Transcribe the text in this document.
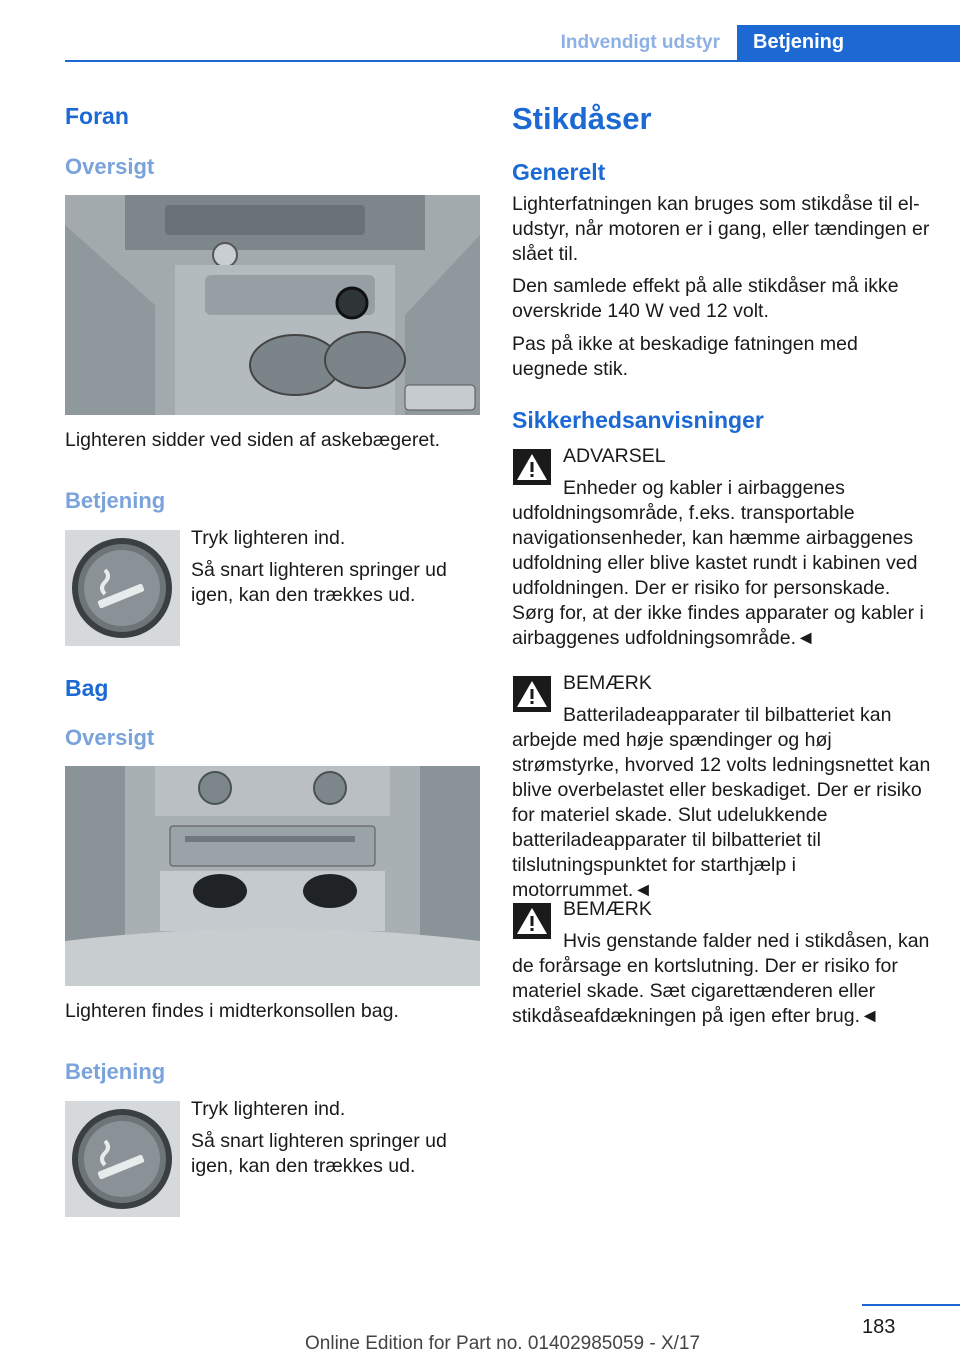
Indvendigt udstyr	Betjening
Foran
Oversigt

Lighteren sidder ved siden af askebægeret.

Betjening

Tryk lighteren ind.

Så snart lighteren springer ud igen, kan den trækkes ud.

Bag
Oversigt

Lighteren findes i midterkonsollen bag.

Betjening

Tryk lighteren ind.

Så snart lighteren springer ud igen, kan den trækkes ud.

Stikdåser
Generelt

Lighterfatningen kan bruges som stikdåse til el-udstyr, når motoren er i gang, eller tændingen er slået til.

Den samlede effekt på alle stikdåser må ikke overskride 140 W ved 12 volt.

Pas på ikke at beskadige fatningen med uegnede stik.

Sikkerhedsanvisninger

ADVARSEL

Enheder og kabler i airbaggenes udfoldningsområde, f.eks. transportable navigationsenheder, kan hæmme airbaggenes udfoldning eller blive kastet rundt i kabinen ved udfoldningen. Der er risiko for personskade. Sørg for, at der ikke findes apparater og kabler i airbaggenes udfoldningsområde.◄

BEMÆRK

Batteriladeapparater til bilbatteriet kan arbejde med høje spændinger og høj strømstyrke, hvorved 12 volts ledningsnettet kan blive overbelastet eller beskadiget. Der er risiko for materiel skade. Slut udelukkende batteriladeapparater til bilbatteriet til tilslutningspunktet for starthjælp i motorrummet.◄

BEMÆRK

Hvis genstande falder ned i stikdåsen, kan de forårsage en kortslutning. Der er risiko for materiel skade. Sæt cigarettænderen eller stikdåseafdækningen på igen efter brug.◄

183
Online Edition for Part no. 01402985059 - X/17
